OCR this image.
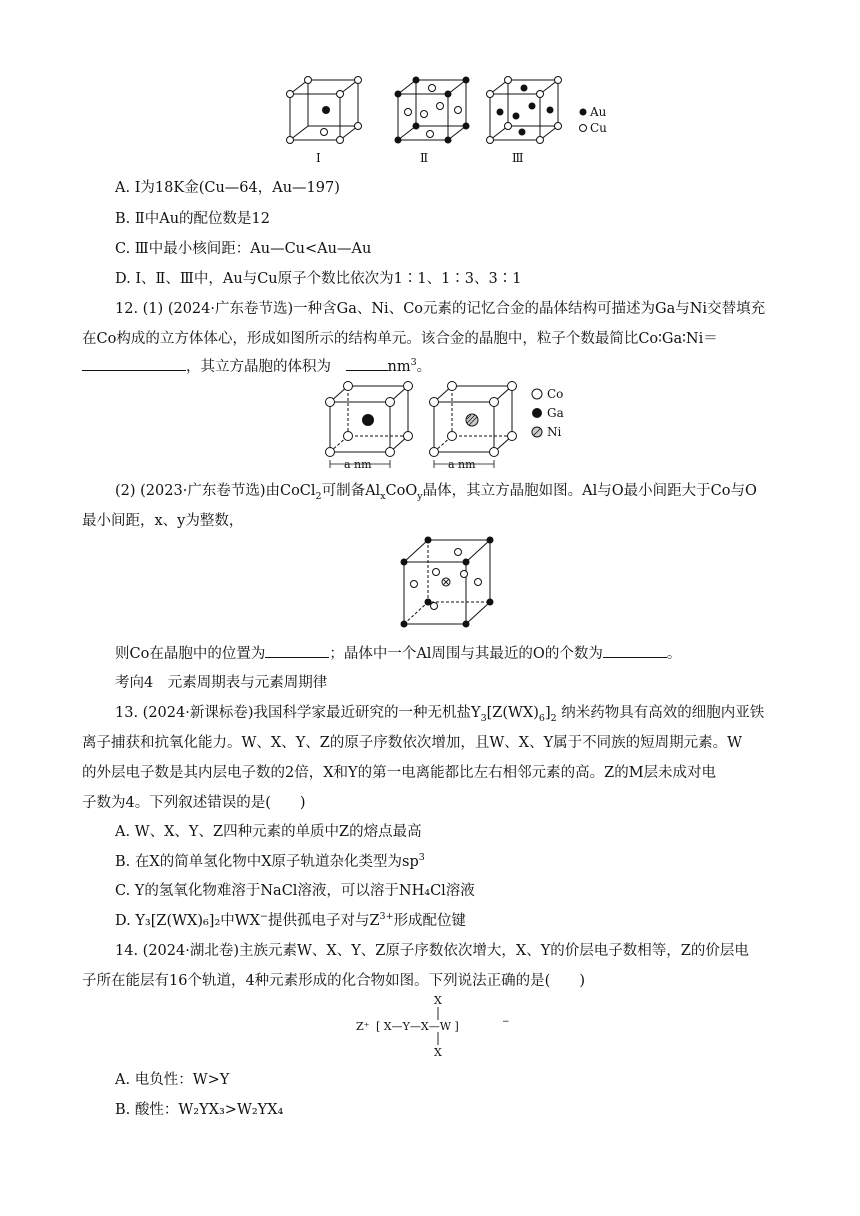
Au
Cu
Ⅰ	Ⅱ	Ⅲ
A. Ⅰ为18K金(Cu—64，Au—197)
B. Ⅱ中Au的配位数是12
C. Ⅲ中最小核间距：Au—Cu<Au—Au
D. Ⅰ、Ⅱ、Ⅲ中，Au与Cu原子个数比依次为1∶1、1∶3、3∶1
12. (1) (2024·广东卷节选)一种含Ga、Ni、Co元素的记忆合金的晶体结构可描述为Ga与Ni交替填充
在Co构成的立方体体心，形成如图所示的结构单元。该合金的晶胞中，粒子个数最简比Co∶Ga∶Ni＝
，其立方晶胞的体积为　	$nm^3$。
a nm	a nm
Co
Ga
Ni
(2) (2023·广东卷节选)由CoCl$_2$可制备$Al_xCoO_y$晶体，其立方晶胞如图。Al与O最小间距大于Co与O
最小间距，x、y为整数，
则Co在晶胞中的位置为	；晶体中一个Al周围与其最近的O的个数为	。
考向4　元素周期表与元素周期律
13. (2024·新课标卷)我国科学家最近研究的一种无机盐$Y_3[Z(WX)_6]_2$ 纳米药物具有高效的细胞内亚铁
离子捕获和抗氧化能力。W、X、Y、Z的原子序数依次增加，且W、X、Y属于不同族的短周期元素。W
的外层电子数是其内层电子数的2倍，X和Y的第一电离能都比左右相邻元素的高。Z的M层未成对电
子数为4。下列叙述错误的是(　　)
A. W、X、Y、Z四种元素的单质中Z的熔点最高
B. 在X的简单氢化物中X原子轨道杂化类型为$sp^3$
C. Y的氢氧化物难溶于NaCl溶液，可以溶于NH₄Cl溶液
D. Y₃[Z(WX)₆]₂中WX−提供孤电子对与$Z^{3+}$形成配位键
14. (2024·湖北卷)主族元素W、X、Y、Z原子序数依次增大，X、Y的价层电子数相等，Z的价层电
子所在能层有16个轨道，4种元素形成的化合物如图。下列说法正确的是(　　)
X
X
Z⁺ [ X—Y—X—W ]	−
A. 电负性：W>Y
B. 酸性：W₂YX₃>W₂YX₄
